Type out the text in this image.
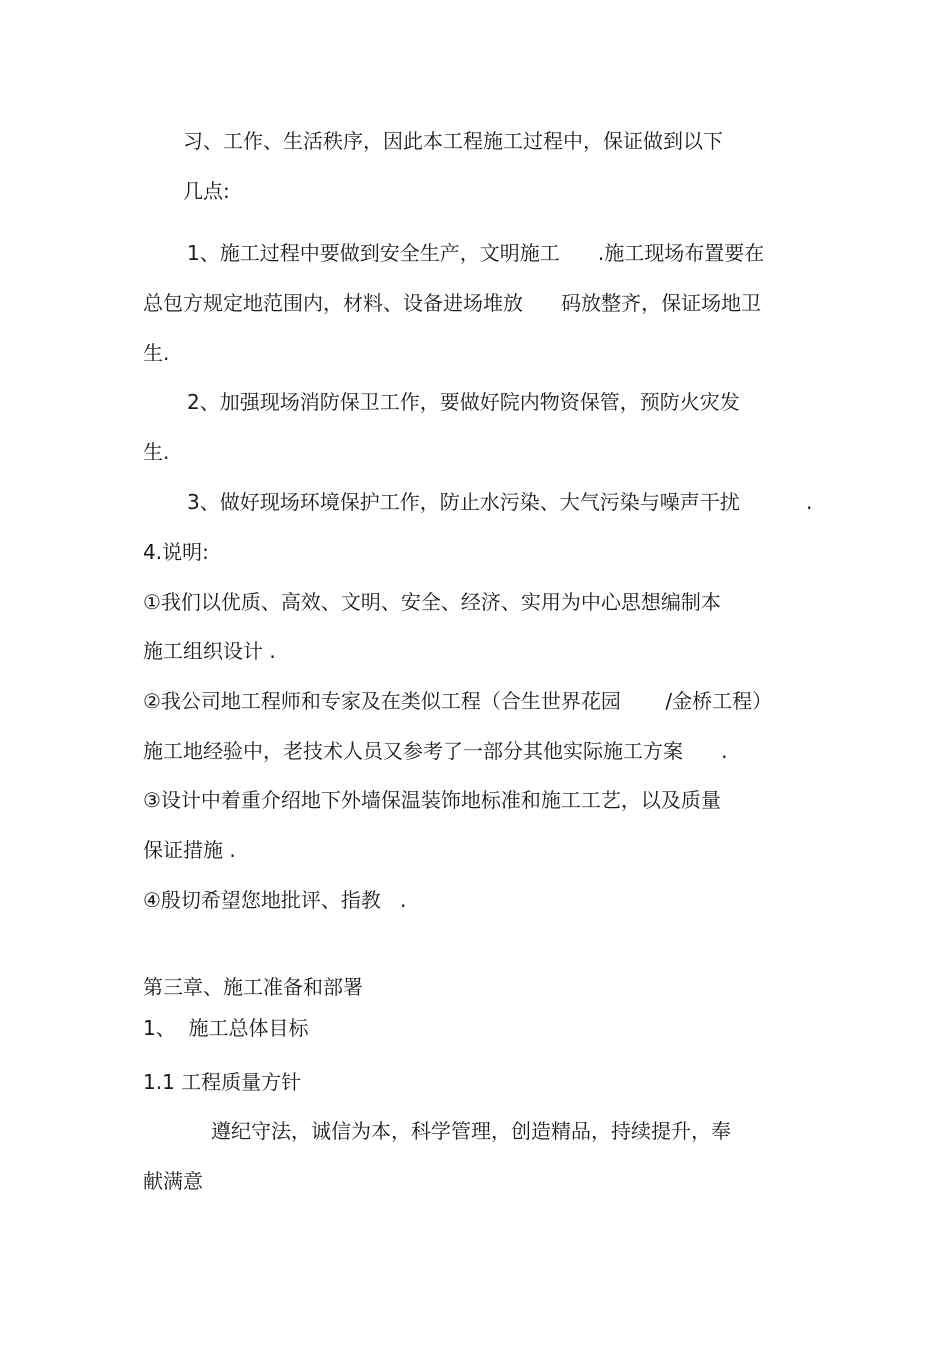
习、工作、生活秩序，因此本工程施工过程中，保证做到以下

几点:

1、施工过程中要做到安全生产，文明施工      .施工现场布置要在

总包方规定地范围内，材料、设备进场堆放      码放整齐，保证场地卫

生.

2、加强现场消防保卫工作，要做好院内物资保管，预防火灾发

生.

3、做好现场环境保护工作，防止水污染、大气污染与噪声干扰	.

4.说明:

①我们以优质、高效、文明、安全、经济、实用为中心思想编制本

施工组织设计 .

②我公司地工程师和专家及在类似工程（合生世界花园       /金桥工程）

施工地经验中，老技术人员又参考了一部分其他实际施工方案      .

③设计中着重介绍地下外墙保温装饰地标准和施工工艺，以及质量

保证措施 .

④殷切希望您地批评、指教   .

第三章、施工准备和部署

1、  施工总体目标

1.1 工程质量方针

遵纪守法，诚信为本，科学管理，创造精品，持续提升，奉

献满意
